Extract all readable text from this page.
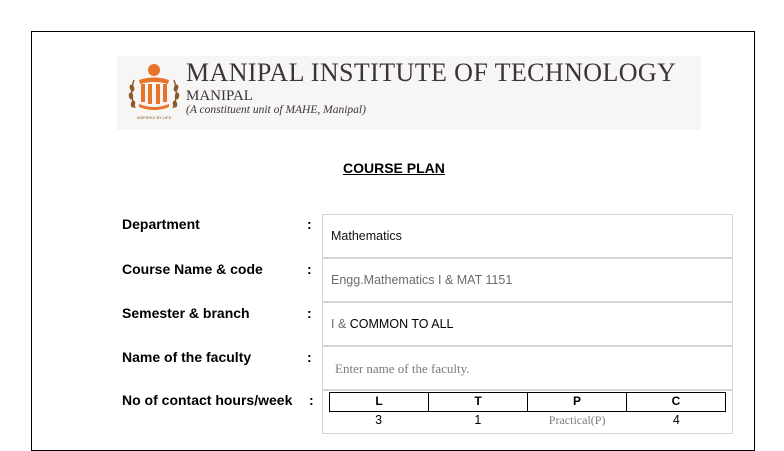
INSPIRED BY LIFE
MANIPAL INSTITUTE OF TECHNOLOGY
MANIPAL
(A constituent unit of MAHE, Manipal)
COURSE PLAN
Department	:
Mathematics
Course Name & code	:
Engg.Mathematics I & MAT 1151
Semester & branch	:
I & COMMON TO ALL
Name of the faculty	:
Enter name of the faculty.
No of contact hours/week :	L	T	P	C
3	1	Practical(P)	4
